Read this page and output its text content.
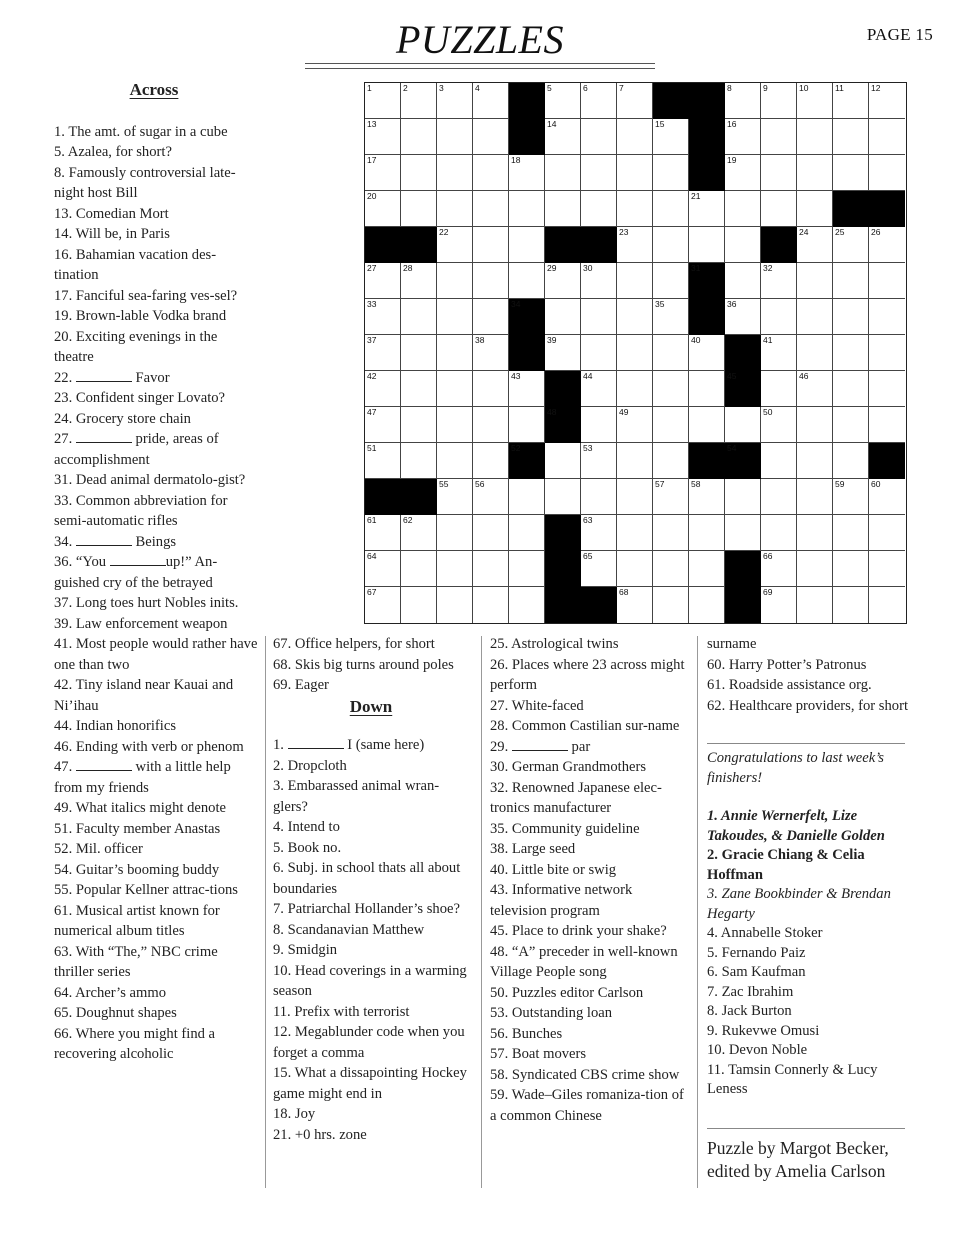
PUZZLES	PAGE 15
1	2	3	4	5	6	7	8	9	10	11	12
13	14	15	16
17	18	19
20	21
22	23	24	25	26
27	28	29	30	31	32
33	34	35	36
37	38	39	40	41
42	43	44	45	46
47	48	49	50
51	52	53	54
55	56	57	58	59	60
61	62	63
64	65	66
67	68	69
Across
1. The amt. of sugar in a cube
5. Azalea, for short?
8. Famously controversial late-night host Bill
13. Comedian Mort
14. Will be, in Paris
16. Bahamian vacation des-tination
17. Fanciful sea-faring ves-sel?
19. Brown-lable Vodka brand
20. Exciting evenings in the theatre
22.	Favor
23. Confident singer Lovato?
24. Grocery store chain
27.	pride, areas of accomplishment
31. Dead animal dermatolo-gist?
33. Common abbreviation for semi-automatic rifles
34.	Beings
36. “You	up!” An-guished cry of the betrayed
37. Long toes hurt Nobles inits.
39. Law enforcement weapon
41. Most people would rather have one than two
42. Tiny island near Kauai and Ni’ihau
44. Indian honorifics
46. Ending with verb or phenom
47.	with a little help from my friends
49. What italics might denote
51. Faculty member Anastas
52. Mil. officer
54. Guitar’s booming buddy
55. Popular Kellner attrac-tions
61. Musical artist known for numerical album titles
63. With “The,” NBC crime thriller series
64. Archer’s ammo
65. Doughnut shapes
66. Where you might find a recovering alcoholic
67. Office helpers, for short
68. Skis big turns around poles
69. Eager
Down
1.	I (same here)
2. Dropcloth
3. Embarassed animal wran-glers?
4. Intend to
5. Book no.
6. Subj. in school thats all about boundaries
7. Patriarchal Hollander’s shoe?
8. Scandanavian Matthew
9. Smidgin
10. Head coverings in a warming season
11. Prefix with terrorist
12. Megablunder code when you forget a comma
15. What a dissapointing Hockey game might end in
18. Joy
21. +0 hrs. zone
25. Astrological twins
26. Places where 23 across might perform
27. White-faced
28. Common Castilian sur-name
29.	par
30. German Grandmothers
32. Renowned Japanese elec-tronics manufacturer
35. Community guideline
38. Large seed
40. Little bite or swig
43. Informative network television program
45. Place to drink your shake?
48. “A” preceder in well-known Village People song
50. Puzzles editor Carlson
53. Outstanding loan
56. Bunches
57. Boat movers
58. Syndicated CBS crime show
59. Wade–Giles romaniza-tion of a common Chinese
surname
60. Harry Potter’s Patronus
61. Roadside assistance org.
62. Healthcare providers, for short
Congratulations to last week’s finishers!
1. Annie Wernerfelt, Lize Takoudes, & Danielle Golden
2. Gracie Chiang & Celia Hoffman
3. Zane Bookbinder & Brendan Hegarty
4. Annabelle Stoker
5. Fernando Paiz
6. Sam Kaufman
7. Zac Ibrahim
8. Jack Burton
9. Rukevwe Omusi
10. Devon Noble
11. Tamsin Connerly & Lucy Leness
Puzzle by Margot Becker, edited by Amelia Carlson
